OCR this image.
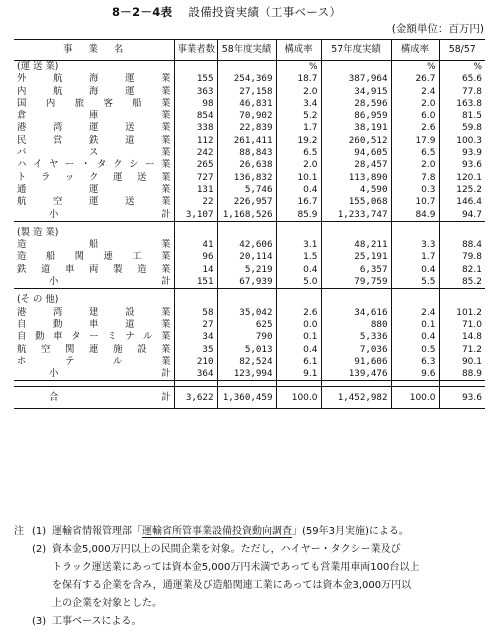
8－2－4表　 設備投資実績（工事ベース）
(金額単位：百万円)
事業名	事業者数	58年度実績	構成率	57年度実績	構成率	58/57
(運 送 業)			%		%	%
外航海運業	155	254,369	18.7	387,964	26.7	65.6
内航海運業	363	27,158	2.0	34,915	2.4	77.8
国内旅客船業	98	46,831	3.4	28,596	2.0	163.8
倉庫業	854	70,902	5.2	86,959	6.0	81.5
港湾運送業	338	22,839	1.7	38,191	2.6	59.8
民営鉄道業	112	261,411	19.2	260,512	17.9	100.3
バス業	242	88,843	6.5	94,605	6.5	93.9
ハイヤー・タクシー業	265	26,638	2.0	28,457	2.0	93.6
トラック運送業	727	136,832	10.1	113,890	7.8	120.1
通運業	131	5,746	0.4	4,590	0.3	125.2
航空運送業	22	226,957	16.7	155,068	10.7	146.4

小 計	3,107	1,168,526	85.9	1,233,747	84.9	94.7

(製 造 業)						
造船業	41	42,606	3.1	48,211	3.3	88.4
造船関連工業	96	20,114	1.5	25,191	1.7	79.8
鉄道車両製造業	14	5,219	0.4	6,357	0.4	82.1

小 計	151	67,939	5.0	79,759	5.5	85.2

(そ の 他)						
港湾建設業	58	35,042	2.6	34,616	2.4	101.2
自動車道業	27	625	0.0	880	0.1	71.0
自動車ターミナル業	34	790	0.1	5,336	0.4	14.8
航空関連施設業	35	5,013	0.4	7,036	0.5	71.2
ホテル業	210	82,524	6.1	91,606	6.3	90.1

小 計	364	123,994	9.1	139,476	9.6	88.9

合 計	3,622	1,360,459	100.0	1,452,982	100.0	93.6
注 (1) 運輸省情報管理部「運輸省所管事業設備投資動向調査」(59年3月実施)による。
(2) 資本金5,000万円以上の民間企業を対象。ただし，ハイヤー・タクシー業及び
トラック運送業にあっては資本金5,000万円未満であっても営業用車両100台以上
を保有する企業を含み，通運業及び造船関連工業にあっては資本金3,000万円以
上の企業を対象とした。
(3) 工事ベースによる。
